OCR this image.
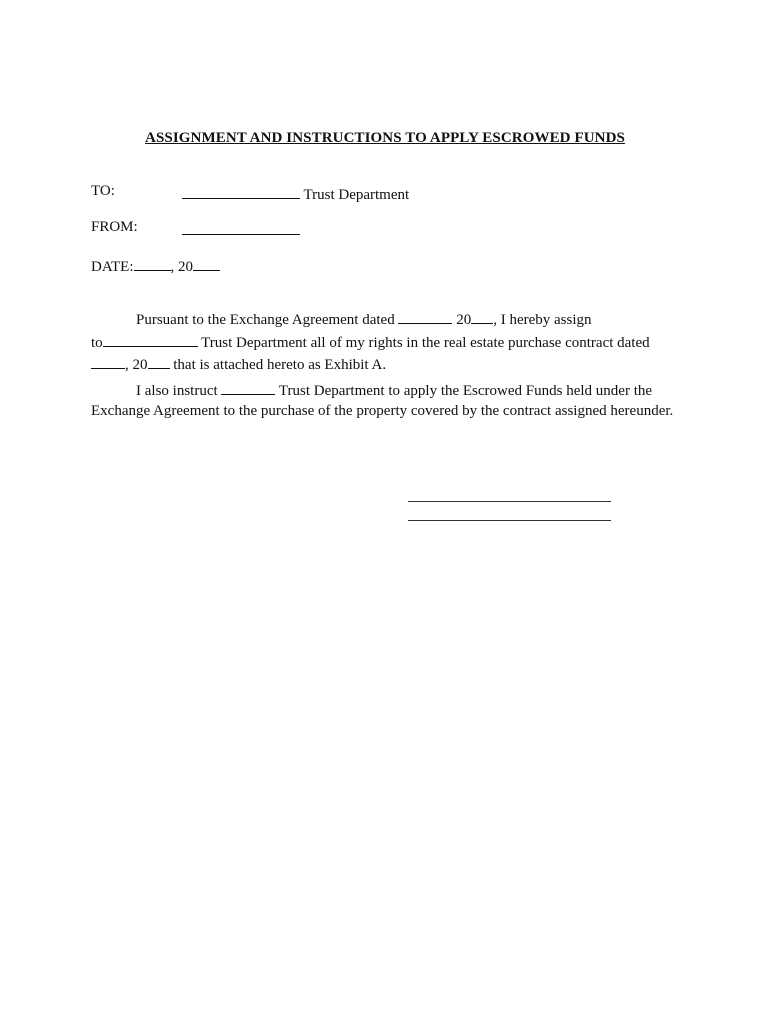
ASSIGNMENT AND INSTRUCTIONS TO APPLY ESCROWED FUNDS
TO:	Trust Department
FROM:
DATE: , 20
Pursuant to the Exchange Agreement dated	20 , I hereby assign
to	Trust Department all of my rights in the real estate purchase contract dated
, 20 that is attached hereto as Exhibit A.
I also instruct	Trust Department to apply the Escrowed Funds held under the
Exchange Agreement to the purchase of the property covered by the contract assigned hereunder.
